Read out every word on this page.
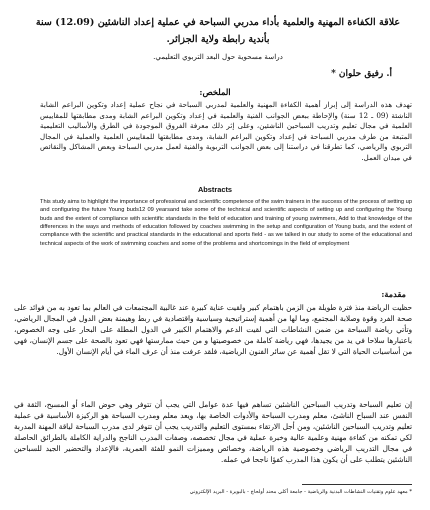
علاقة الكفاءة المهنية والعلمية بأداء مدربي السباحة في عملية إعداد الناشئين (12.09) سنة بأندية رابطة ولاية الجزائر.
دراسة مسحوية حول البعد التربوي التعليمي.
أ. رفيق حلوان *
الملخص:
تهدف هذه الدراسة إلى إبراز أهمية الكفاءة المهنية والعلمية لمدربي السباحة في نجاح عملية إعداد وتكوين البراعم الشابة الناشئة (09 ـ 12 سنة) والإحاطة ببعض الجوانب الفنية والعلمية في إعداد وتكوين البراعم الشابة ومدى مطابقتها للمقاييس العلمية في مجال تعليم وتدريب السباحين الناشئين، وعلى إثر ذلك معرفة الفروق الموجودة في الطرق والأساليب التعليمية المتبعة من طرف مدربي السباحة في إعداد وتكوين البراعم الشابة، ومدى مطابقتها للمقاييس العلمية والعملية في المجال التربوي والرياضي، كما تطرقنا في دراستنا إلى بعض الجوانب التربوية والفنية لعمل مدربي السباحة وبعض المشاكل والنقائص في ميدان العمل.
Abstracts
This study aims to highlight the importance of professional and scientific competence of the swim trainers in the success of the process of setting up and configuring the future Young buds12 09 yearsand take some of the technical and scientific aspects of setting up and configuring the Young buds and the extent of compliance with scientific standards in the field of education and training of young swimmers, Add to that knowledge of the differences in the ways and methods of education followed by coaches swimming in the setup and configuration of Young buds, and the extent of compliance with the scientific and practical standards in the educational and sports field - as we talked in our study to some of the educational and technical aspects of the work of swimming coaches and some of the problems and shortcomings in the field of employment
مقدمة:
حظيت الرياضة منذ فترة طويلة من الزمن باهتمام كبير ولقيت عناية كبيرة عند غالبية المجتمعات في العالم بما تعود به من فوائد على صحة الفرد وقوة وصلابة المجتمع، وما لها من أهمية إستراتيجية وسياسية واقتصادية في ربط وهيمنة بعض الدول في المجال الرياضي، وتأتي رياضة السباحة من ضمن النشاطات التي لقيت الدعم والاهتمام الكبير في الدول المطلة على البحار على وجه الخصوص، باعتبارها سلاحا في يد من يجيدها، فهي رياضة كاملة من خصوصيتها و من حيث ممارستها فهي تعود بالصحة على جسم الإنسان، فهي من أساسيات الحياة التي لا تقل أهمية عن سائر الفنون الرياضية، فلقد عرفت منذ أن عرف الماء في أيام الإنسان الأول.
إن تعليم السباحة وتدريب السباحين الناشئين تساهم فيها عدة عوامل التي يجب أن تتوفر وهي حوض الماء أو المسبح، الثقة في النفس عند السباح الناشئ، معلم ومدرب السباحة والأدوات الخاصة بها، ويعد معلم ومدرب السباحة هو الركيزة الأساسية في عملية تعليم وتدريب السباحين الناشئين، ومن أجل الارتقاء بمستوى التعليم والتدريب يجب أن تتوفر لدى مدرب السباحة لياقة المهنة المدربة لكي تمكنه من كفاءة مهنية وعلمية عالية وخبرة عملية في مجال تخصصه، وصفات المدرب الناجح والدراية الكاملة بالطرائق الحاصلة في مجال التدريب الرياضي وخصوصية هذه الرياضة، وخصائص ومميزات النمو للفئة العمرية، فالإعداد والتحضير الجيد للسباحين الناشئين يتطلب على أن يكون هذا المدرب كفؤا ناجحا في عمله.
* معهد علوم وتقنيات النشاطات البدنية والرياضية - جامعة أكلي محند أولحاج - بالبويرة - البريد الإلكتروني
